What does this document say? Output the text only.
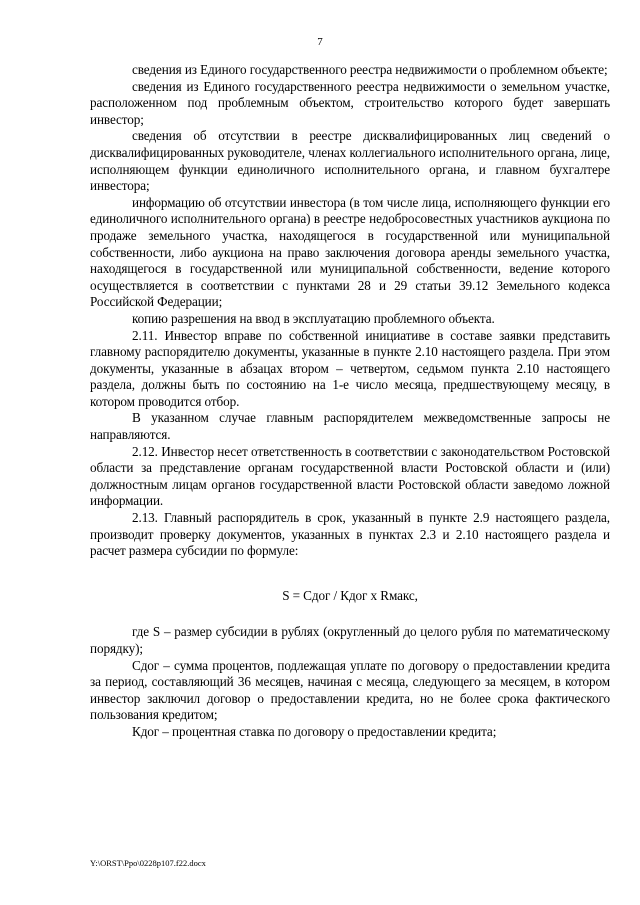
7

сведения из Единого государственного реестра недвижимости о проблемном объекте;

сведения из Единого государственного реестра недвижимости о земельном участке, расположенном под проблемным объектом, строительство которого будет завершать инвестор;

сведения об отсутствии в реестре дисквалифицированных лиц сведений о дисквалифицированных руководителе, членах коллегиального исполнительного органа, лице, исполняющем функции единоличного исполнительного органа, и главном бухгалтере инвестора;

информацию об отсутствии инвестора (в том числе лица, исполняющего функции его единоличного исполнительного органа) в реестре недобросовестных участников аукциона по продаже земельного участка, находящегося в государственной или муниципальной собственности, либо аукциона на право заключения договора аренды земельного участка, находящегося в государственной или муниципальной собственности, ведение которого осуществляется в соответствии с пунктами 28 и 29 статьи 39.12 Земельного кодекса Российской Федерации;

копию разрешения на ввод в эксплуатацию проблемного объекта.

2.11. Инвестор вправе по собственной инициативе в составе заявки представить главному распорядителю документы, указанные в пункте 2.10 настоящего раздела. При этом документы, указанные в абзацах втором – четвертом, седьмом пункта 2.10 настоящего раздела, должны быть по состоянию на 1-е число месяца, предшествующему месяцу, в котором проводится отбор.

В указанном случае главным распорядителем межведомственные запросы не направляются.

2.12. Инвестор несет ответственность в соответствии с законодательством Ростовской области за представление органам государственной власти Ростовской области и (или) должностным лицам органов государственной власти Ростовской области заведомо ложной информации.

2.13. Главный распорядитель в срок, указанный в пункте 2.9 настоящего раздела, производит проверку документов, указанных в пунктах 2.3 и 2.10 настоящего раздела и расчет размера субсидии по формуле:

S = Сдог / Кдог x Rмакс,

где S – размер субсидии в рублях (округленный до целого рубля по математическому порядку);

Сдог – сумма процентов, подлежащая уплате по договору о предоставлении кредита за период, составляющий 36 месяцев, начиная с месяца, следующего за месяцем, в котором инвестор заключил договор о предоставлении кредита, но не более срока фактического пользования кредитом;

Кдог – процентная ставка по договору о предоставлении кредита;

Y:\ORST\Ppo\0228p107.f22.docx
